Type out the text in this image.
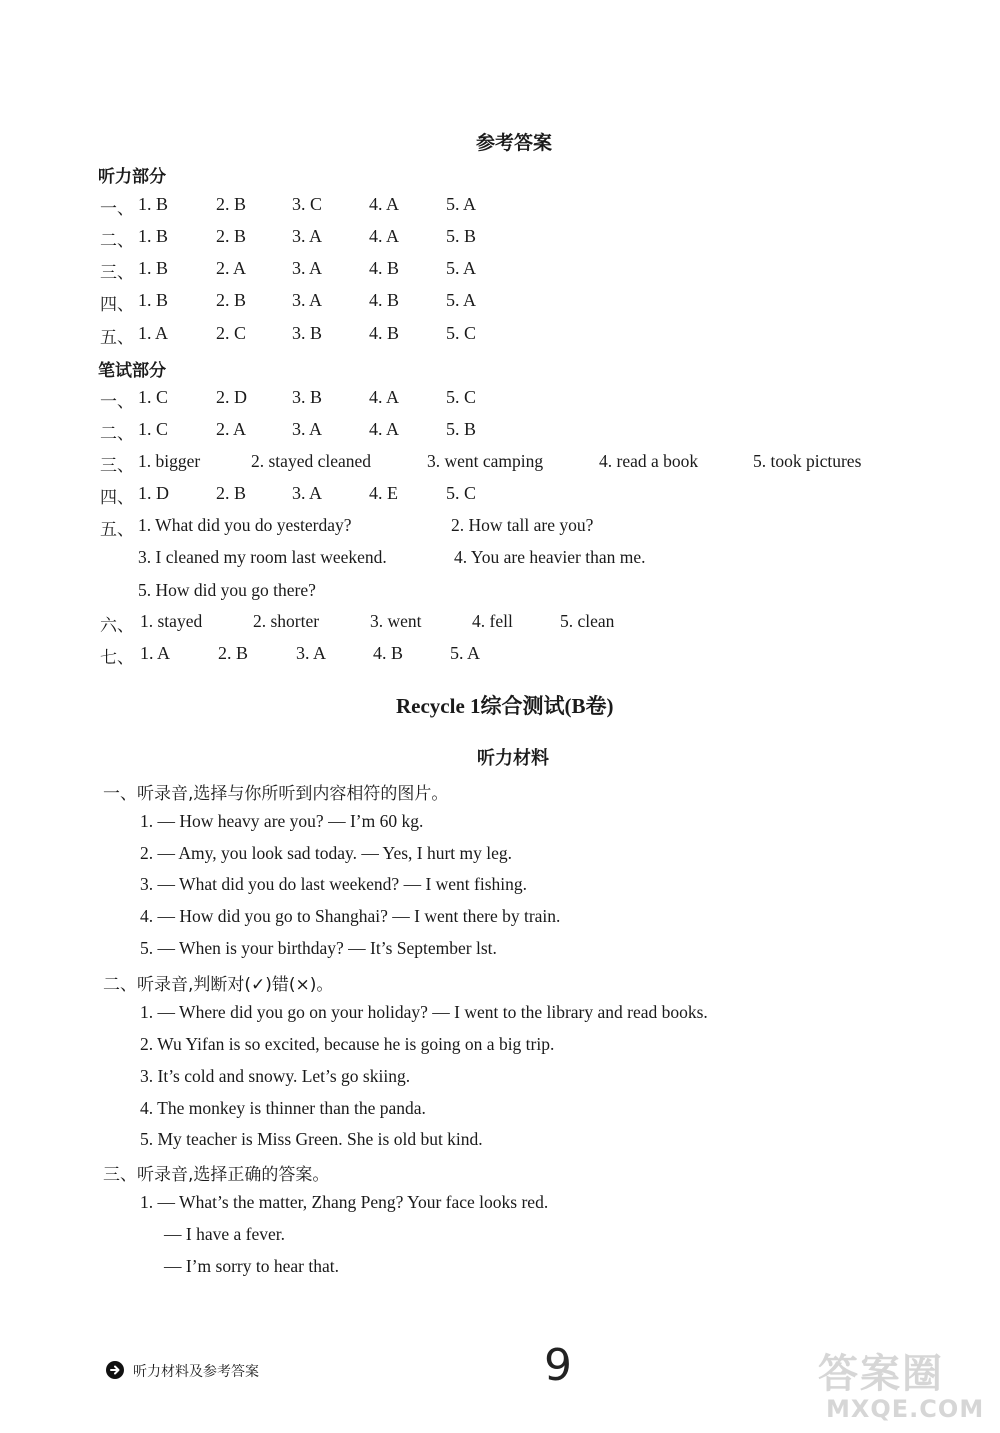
参考答案
听力部分
一、 1. B	2. B	3. C	4. A	5. A
二、 1. B	2. B	3. A	4. A	5. B
三、 1. B	2. A	3. A	4. B	5. A
四、 1. B	2. B	3. A	4. B	5. A
五、 1. A	2. C	3. B	4. B	5. C
笔试部分
一、 1. C	2. D	3. B	4. A	5. C
二、 1. C	2. A	3. A	4. A	5. B
三、 1. bigger	2. stayed cleaned	3. went camping	4. read a book	5. took pictures
四、 1. D	2. B	3. A	4. E	5. C
五、 1. What did you do yesterday?	2. How tall are you?
3. I cleaned my room last weekend.	4. You are heavier than me.
5. How did you go there?
六、 1. stayed	2. shorter	3. went	4. fell	5. clean
七、 1. A	2. B	3. A	4. B	5. A
Recycle 1综合测试(B卷)
听力材料
一、听录音,选择与你所听到内容相符的图片。
1. — How heavy are you? — I’m 60 kg.
2. — Amy, you look sad today. — Yes, I hurt my leg.
3. — What did you do last weekend? — I went fishing.
4. — How did you go to Shanghai? — I went there by train.
5. — When is your birthday? — It’s September lst.
二、听录音,判断对(✓)错(×)。
1. — Where did you go on your holiday? — I went to the library and read books.
2. Wu Yifan is so excited, because he is going on a big trip.
3. It’s cold and snowy. Let’s go skiing.
4. The monkey is thinner than the panda.
5. My teacher is Miss Green. She is old but kind.
三、听录音,选择正确的答案。
1. — What’s the matter, Zhang Peng? Your face looks red.
— I have a fever.
— I’m sorry to hear that.
听力材料及参考答案	9	答案圈
MXQE.COM
